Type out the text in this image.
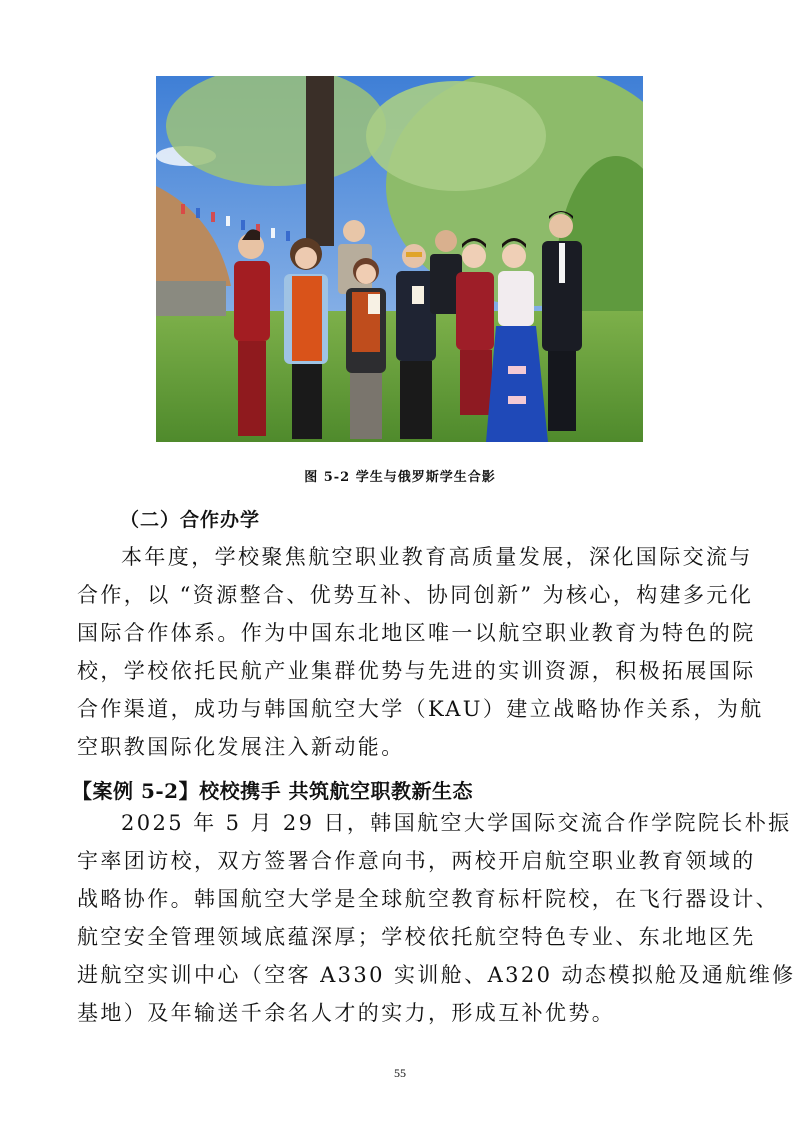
图 5-2 学生与俄罗斯学生合影
（二）合作办学
本年度，学校聚焦航空职业教育高质量发展，深化国际交流与
合作，以 “资源整合、优势互补、协同创新” 为核心，构建多元化
国际合作体系。作为中国东北地区唯一以航空职业教育为特色的院
校，学校依托民航产业集群优势与先进的实训资源，积极拓展国际
合作渠道，成功与韩国航空大学（KAU）建立战略协作关系，为航
空职教国际化发展注入新动能。
【案例 5-2】校校携手 共筑航空职教新生态
2025 年 5 月 29 日，韩国航空大学国际交流合作学院院长朴振
宇率团访校，双方签署合作意向书，两校开启航空职业教育领域的
战略协作。韩国航空大学是全球航空教育标杆院校，在飞行器设计、
航空安全管理领域底蕴深厚；学校依托航空特色专业、东北地区先
进航空实训中心（空客 A330 实训舱、A320 动态模拟舱及通航维修
基地）及年输送千余名人才的实力，形成互补优势。
55
